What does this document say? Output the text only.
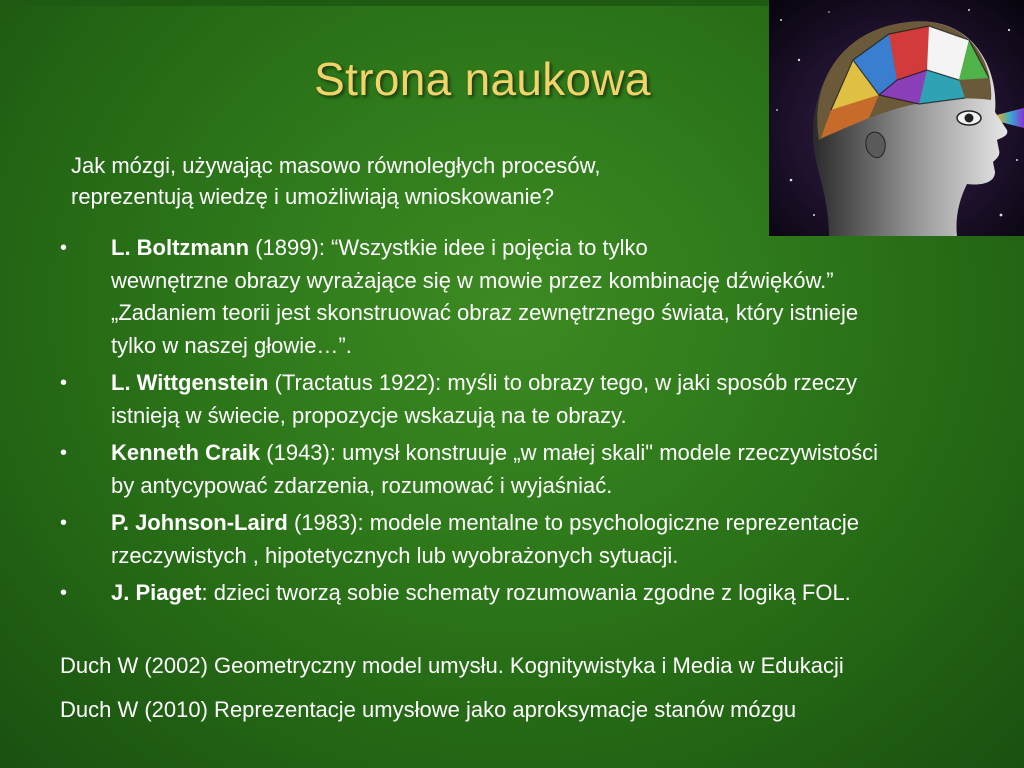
Strona naukowa
Jak mózgi, używając masowo równoległych procesów,
reprezentują wiedzę i umożliwiają wnioskowanie?
•	L. Boltzmann (1899): “Wszystkie idee i pojęcia to tylko
wewnętrzne obrazy wyrażające się w mowie przez kombinację dźwięków.”
„Zadaniem teorii jest skonstruować obraz zewnętrznego świata, który istnieje
tylko w naszej głowie…”.
•	L. Wittgenstein (Tractatus 1922): myśli to obrazy tego, w jaki sposób rzeczy
istnieją w świecie, propozycje wskazują na te obrazy.
•	Kenneth Craik (1943): umysł konstruuje „w małej skali" modele rzeczywistości
by antycypować zdarzenia, rozumować i wyjaśniać.
•	P. Johnson-Laird (1983): modele mentalne to psychologiczne reprezentacje
rzeczywistych , hipotetycznych lub wyobrażonych sytuacji.
•	J. Piaget: dzieci tworzą sobie schematy rozumowania zgodne z logiką FOL.
Duch W (2002) Geometryczny model umysłu. Kognitywistyka i Media w Edukacji
Duch W (2010) Reprezentacje umysłowe jako aproksymacje stanów mózgu
